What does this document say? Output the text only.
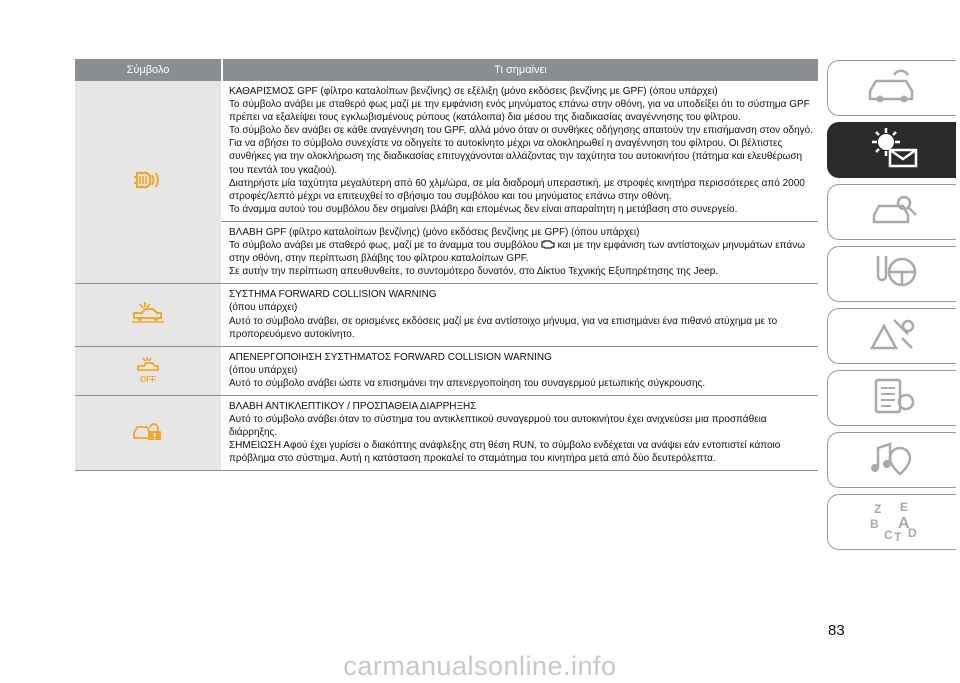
Σύμβολο	Τι σημαίνει

ΚΑΘΑΡΙΣΜΟΣ GPF (φίλτρο καταλοίπων βενζίνης) σε εξέλιξη (μόνο εκδόσεις βενζίνης με GPF) (όπου υπάρχει)

Το σύμβολο ανάβει με σταθερό φως μαζί με την εμφάνιση ενός μηνύματος επάνω στην οθόνη, για να υποδείξει ότι το σύστημα GPF πρέπει να εξαλείψει τους εγκλωβισμένους ρύπους (κατάλοιπα) δια μέσου της διαδικασίας αναγέννησης του φίλτρου.

Το σύμβολο δεν ανάβει σε κάθε αναγέννηση του GPF, αλλά μόνο όταν οι συνθήκες οδήγησης απαιτούν την επισήμανση στον οδηγό.

Για να σβήσει το σύμβολο συνεχίστε να οδηγείτε το αυτοκίνητο μέχρι να ολοκληρωθεί η αναγέννηση του φίλτρου. Οι βέλτιστες συνθήκες για την ολοκλήρωση της διαδικασίας επιτυγχάνονται αλλάζοντας την ταχύτητα του αυτοκινήτου (πάτημα και ελευθέρωση του πεντάλ του γκαζιού).

Διατηρήστε μία ταχύτητα μεγαλύτερη από 60 χλμ/ώρα, σε μία διαδρομή υπεραστική, με στροφές κινητήρα περισσότερες από 2000 στροφές/λεπτό μέχρι να επιτευχθεί το σβήσιμο του συμβόλου και του μηνύματος επάνω στην οθόνη.

Το άναμμα αυτού του συμβόλου δεν σημαίνει βλάβη και επομένως δεν είναι απαραίτητη η μετάβαση στο συνεργείο.

ΒΛΑΒΗ GPF (φίλτρο καταλοίπων βενζίνης) (μόνο εκδόσεις βενζίνης με GPF) (όπου υπάρχει)

Το σύμβολο ανάβει με σταθερό φως, μαζί με το άναμμα του συμβόλου και με την εμφάνιση των αντίστοιχων μηνυμάτων επάνω στην οθόνη, στην περίπτωση βλάβης του φίλτρου καταλοίπων GPF.

Σε αυτήν την περίπτωση απευθυνθείτε, το συντομότερο δυνατόν, στο Δίκτυο Τεχνικής Εξυπηρέτησης της Jeep.

ΣΥΣΤΗΜΑ FORWARD COLLISION WARNING

(όπου υπάρχει)

Αυτό το σύμβολο ανάβει, σε ορισμένες εκδόσεις μαζί με ένα αντίστοιχο μήνυμα, για να επισημάνει ένα πιθανό ατύχημα με το προπορευόμενο αυτοκίνητο.

OFF

ΑΠΕΝΕΡΓΟΠΟΙΗΣΗ ΣΥΣΤΗΜΑΤΟΣ FORWARD COLLISION WARNING

(όπου υπάρχει)

Αυτό το σύμβολο ανάβει ώστε να επισημάνει την απενεργοποίηση του συναγερμού μετωπικής σύγκρουσης.

ΒΛΑΒΗ ΑΝΤΙΚΛΕΠΤΙΚΟΥ / ΠΡΟΣΠΑΘΕΙΑ ΔΙΑΡΡΗΞΗΣ

Αυτό το σύμβολο ανάβει όταν το σύστημα του αντικλεπτικού συναγερμού του αυτοκινήτου έχει ανιχνεύσει μια προσπάθεια διάρρηξης.

ΣΗΜΕΙΩΣΗ Αφού έχει γυρίσει ο διακόπτης ανάφλεξης στη θέση RUN, το σύμβολο ενδέχεται να ανάψει εάν εντοπιστεί κάποιο πρόβλημα στο σύστημα. Αυτή η κατάσταση προκαλεί το σταμάτημα του κινητήρα μετά από δύο δευτερόλεπτα.

Z E
B A
C T D
83
carmanualsonline.info
